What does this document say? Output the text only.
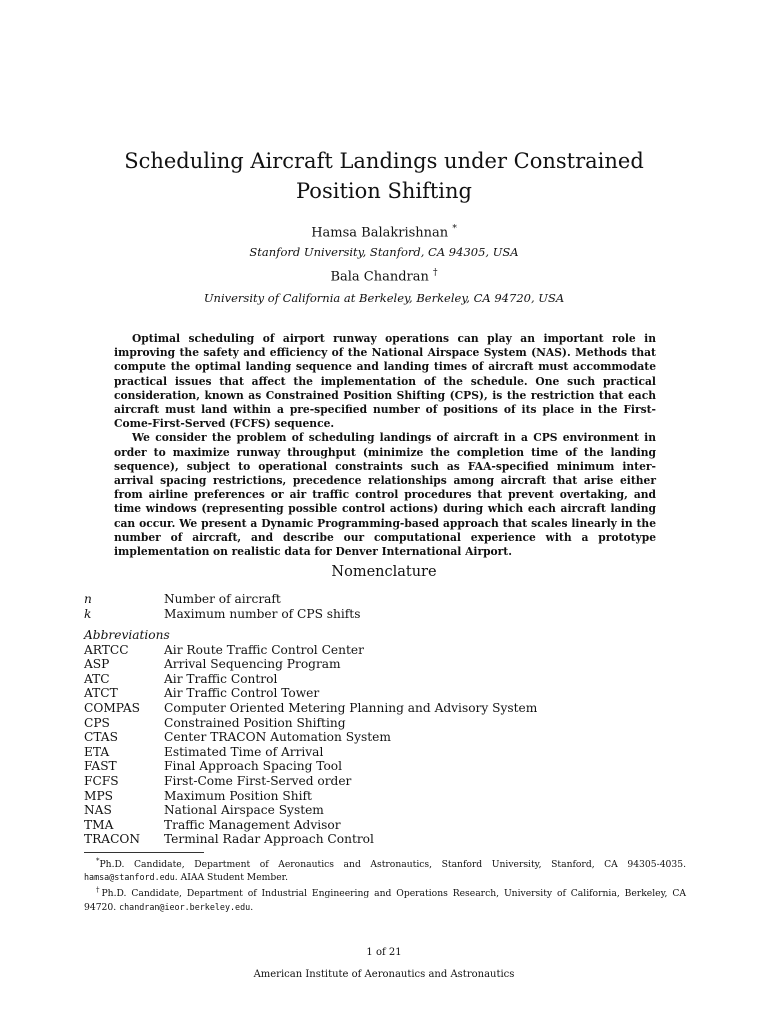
Scheduling Aircraft Landings under Constrained
Position Shifting
Hamsa Balakrishnan *
Stanford University, Stanford, CA 94305, USA
Bala Chandran †
University of California at Berkeley, Berkeley, CA 94720, USA

Optimal scheduling of airport runway operations can play an important role in improving the safety and efficiency of the National Airspace System (NAS). Methods that compute the optimal landing sequence and landing times of aircraft must accommodate practical issues that affect the implementation of the schedule. One such practical consideration, known as Constrained Position Shifting (CPS), is the restriction that each aircraft must land within a pre-specified number of positions of its place in the First-Come-First-Served (FCFS) sequence.

We consider the problem of scheduling landings of aircraft in a CPS environment in order to maximize runway throughput (minimize the completion time of the landing sequence), subject to operational constraints such as FAA-specified minimum inter-arrival spacing restrictions, precedence relationships among aircraft that arise either from airline preferences or air traffic control procedures that prevent overtaking, and time windows (representing possible control actions) during which each aircraft landing can occur. We present a Dynamic Programming-based approach that scales linearly in the number of aircraft, and describe our computational experience with a prototype implementation on realistic data for Denver International Airport.

Nomenclature
n	Number of aircraft
k	Maximum number of CPS shifts
Abbreviations
ARTCC	Air Route Traffic Control Center
ASP	Arrival Sequencing Program
ATC	Air Traffic Control
ATCT	Air Traffic Control Tower
COMPAS	Computer Oriented Metering Planning and Advisory System
CPS	Constrained Position Shifting
CTAS	Center TRACON Automation System
ETA	Estimated Time of Arrival
FAST	Final Approach Spacing Tool
FCFS	First-Come First-Served order
MPS	Maximum Position Shift
NAS	National Airspace System
TMA	Traffic Management Advisor
TRACON	Terminal Radar Approach Control

*Ph.D. Candidate, Department of Aeronautics and Astronautics, Stanford University, Stanford, CA 94305-4035. hamsa@stanford.edu. AIAA Student Member.

†Ph.D. Candidate, Department of Industrial Engineering and Operations Research, University of California, Berkeley, CA 94720. chandran@ieor.berkeley.edu.

1 of 21
American Institute of Aeronautics and Astronautics
